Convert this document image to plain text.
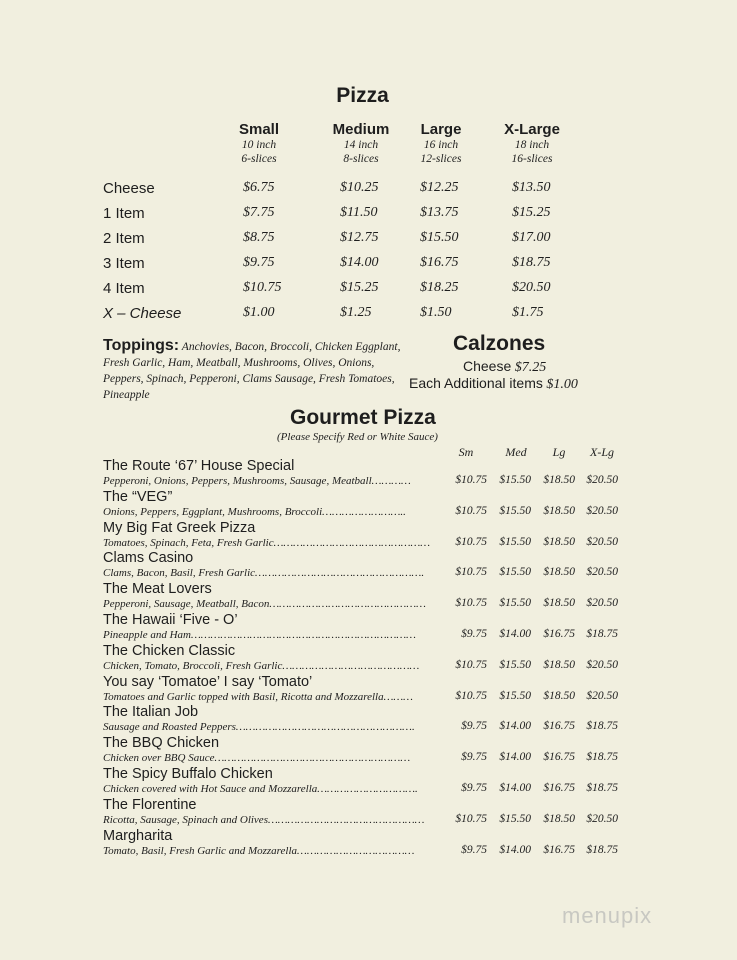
Pizza
Small
10 inch
6-slices
Medium
14 inch
8-slices
Large
16 inch
12-slices
X-Large
18 inch
16-slices
Cheese	$6.75	$10.25	$12.25	$13.50
1 Item	$7.75	$11.50	$13.75	$15.25
2 Item	$8.75	$12.75	$15.50	$17.00
3 Item	$9.75	$14.00	$16.75	$18.75
4 Item	$10.75	$15.25	$18.25	$20.50
X – Cheese	$1.00	$1.25	$1.50	$1.75
Toppings: Anchovies, Bacon, Broccoli, Chicken Eggplant, Fresh Garlic, Ham, Meatball, Mushrooms, Olives, Onions, Peppers, Spinach, Pepperoni, Clams Sausage, Fresh Tomatoes, Pineapple
Calzones
Cheese $7.25
Each Additional items $1.00
Gourmet Pizza
(Please Specify Red or White Sauce)
Sm	Med	Lg	X-Lg
The Route ‘67’ House Special
Pepperoni, Onions, Peppers, Mushrooms, Sausage, Meatball…………	$10.75	$15.50	$18.50 $20.50
The “VEG”
Onions, Peppers, Eggplant, Mushrooms, Broccoli……………………..	$10.75	$15.50	$18.50 $20.50
My Big Fat Greek Pizza
Tomatoes, Spinach, Feta, Fresh Garlic…………………………………………	$10.75	$15.50	$18.50 $20.50
Clams Casino
Clams, Bacon, Basil, Fresh Garlic…………………………………………….	$10.75	$15.50	$18.50 $20.50
The Meat Lovers
Pepperoni, Sausage, Meatball, Bacon…………………………………………	$10.75	$15.50	$18.50 $20.50
The Hawaii ‘Five - O’
Pineapple and Ham……………………………………………………………	$9.75	$14.00	$16.75 $18.75
The Chicken Classic
Chicken, Tomato, Broccoli, Fresh Garlic……………………………………	$10.75	$15.50	$18.50 $20.50
You say ‘Tomatoe’ I say ‘Tomato’
Tomatoes and Garlic topped with Basil, Ricotta and Mozzarella………	$10.75	$15.50	$18.50 $20.50
The Italian Job
Sausage and Roasted Peppers……………………………………………….	$9.75	$14.00	$16.75 $18.75
The BBQ Chicken
Chicken over BBQ Sauce……………………………………………………	$9.75	$14.00	$16.75 $18.75
The Spicy Buffalo Chicken
Chicken covered with Hot Sauce and Mozzarella………………………….	$9.75	$14.00	$16.75 $18.75
The Florentine
Ricotta, Sausage, Spinach and Olives…………………………………………	$10.75	$15.50	$18.50 $20.50
Margharita
Tomato, Basil, Fresh Garlic and Mozzarella………………………………	$9.75	$14.00	$16.75 $18.75
menupix
